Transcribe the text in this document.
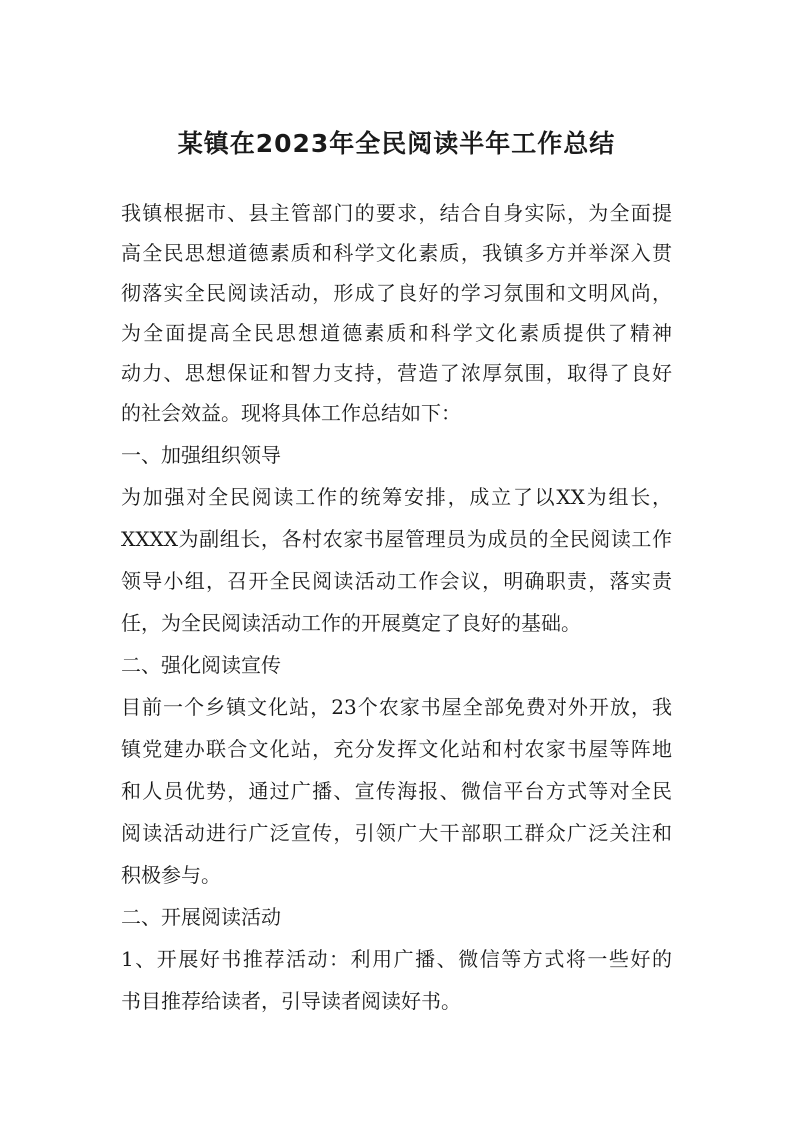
某镇在2023年全民阅读半年工作总结
我镇根据市、县主管部门的要求，结合自身实际，为全面提
高全民思想道德素质和科学文化素质，我镇多方并举深入贯
彻落实全民阅读活动，形成了良好的学习氛围和文明风尚，
为全面提高全民思想道德素质和科学文化素质提供了精神
动力、思想保证和智力支持，营造了浓厚氛围，取得了良好
的社会效益。现将具体工作总结如下：
一、加强组织领导
为加强对全民阅读工作的统筹安排，成立了以XX为组长，
XXXX为副组长，各村农家书屋管理员为成员的全民阅读工作
领导小组，召开全民阅读活动工作会议，明确职责，落实责
任，为全民阅读活动工作的开展奠定了良好的基础。
二、强化阅读宣传
目前一个乡镇文化站，23个农家书屋全部免费对外开放，我
镇党建办联合文化站，充分发挥文化站和村农家书屋等阵地
和人员优势，通过广播、宣传海报、微信平台方式等对全民
阅读活动进行广泛宣传，引领广大干部职工群众广泛关注和
积极参与。
二、开展阅读活动
1、开展好书推荐活动：利用广播、微信等方式将一些好的
书目推荐给读者，引导读者阅读好书。
